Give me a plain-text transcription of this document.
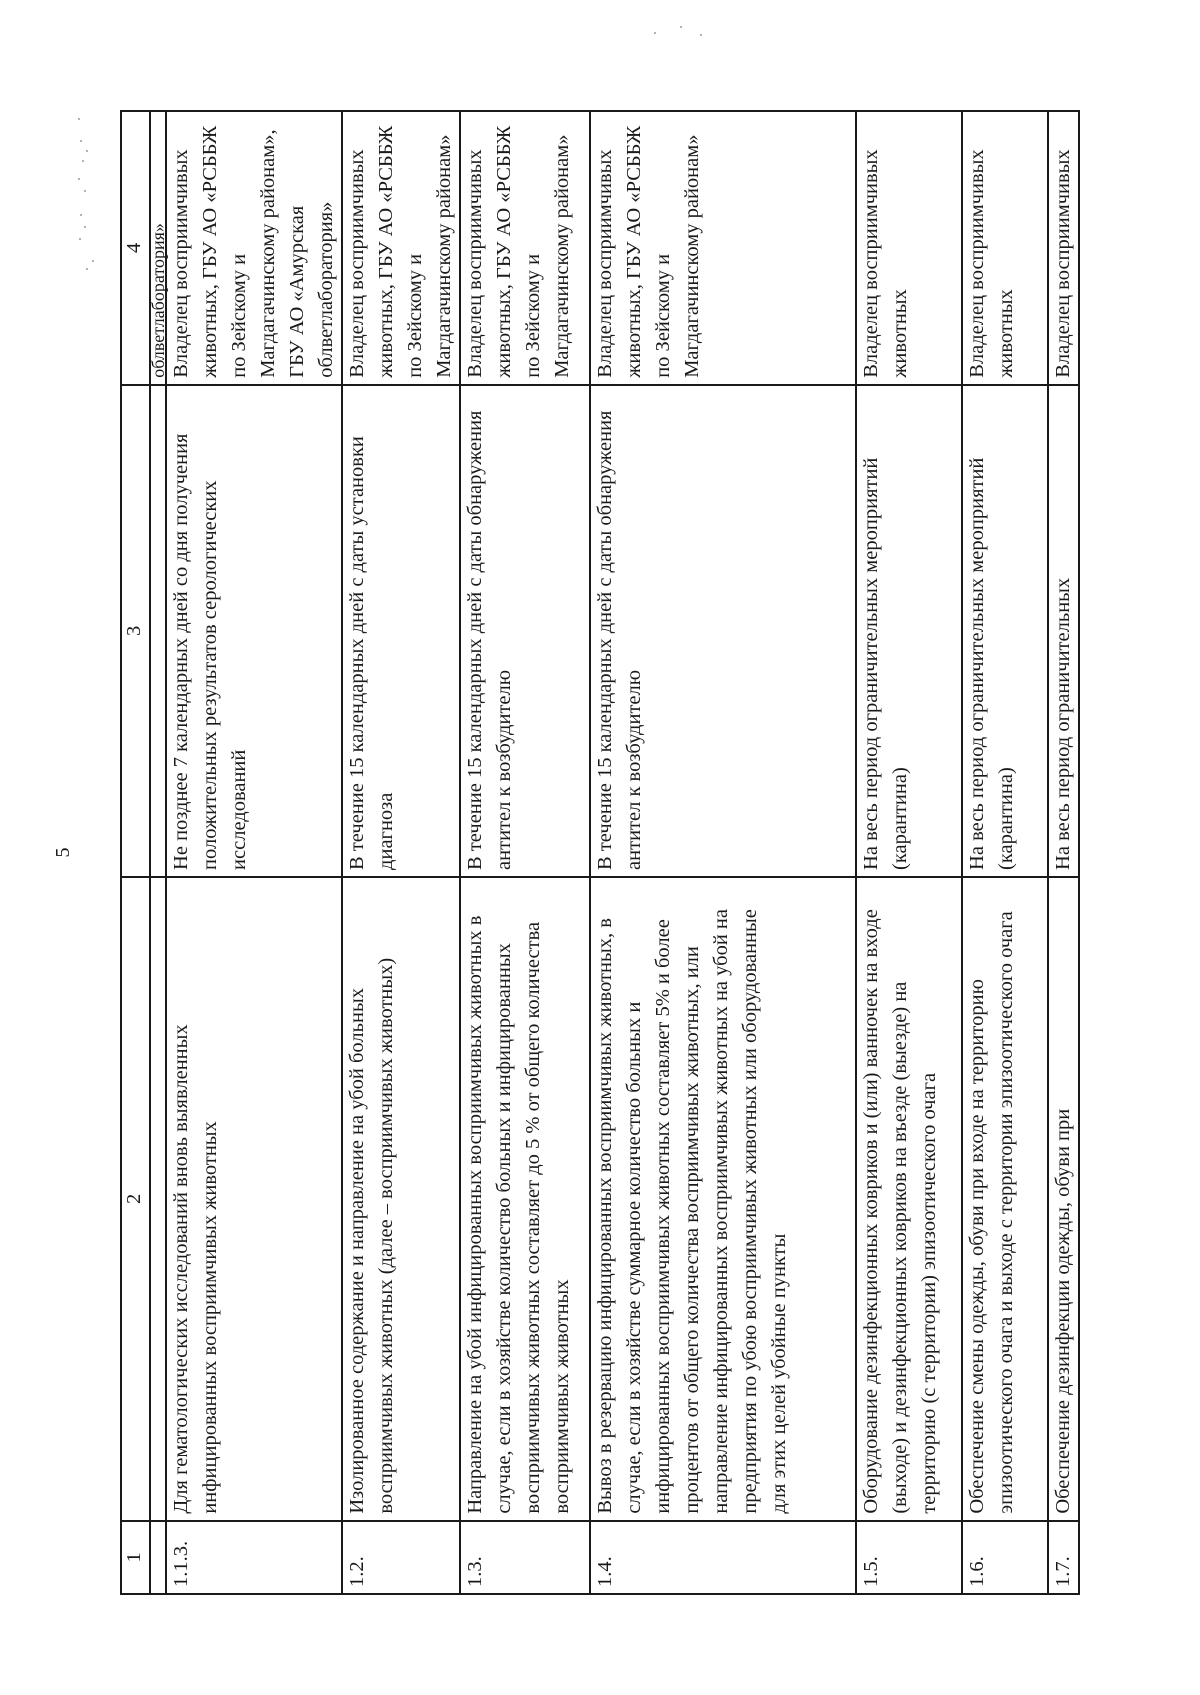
5
1	2	3	4
			облветлаборатория»
1.1.3.	Для гематологических исследований вновь выявленных инфицированных восприимчивых животных	Не позднее 7 календарных дней со дня получения положительных результатов серологических исследований	Владелец восприимчивых животных, ГБУ АО «РСББЖ по Зейскому и Магдагачинскому районам», ГБУ АО «Амурская облветлаборатория»
1.2.	Изолированное содержание и направление на убой больных восприимчивых животных (далее – восприимчивых животных)	В течение 15 календарных дней с даты установки диагноза	Владелец восприимчивых животных, ГБУ АО «РСББЖ по Зейскому и Магдагачинскому районам»
1.3.	Направление на убой инфицированных восприимчивых животных в случае, если в хозяйстве количество больных и инфицированных восприимчивых животных составляет до 5 % от общего количества восприимчивых животных	В течение 15 календарных дней с даты обнаружения антител к возбудителю	Владелец восприимчивых животных, ГБУ АО «РСББЖ по Зейскому и Магдагачинскому районам»
1.4.	Вывоз в резервацию инфицированных восприимчивых животных, в случае, если в хозяйстве суммарное количество больных и инфицированных восприимчивых животных составляет 5% и более процентов от общего количества восприимчивых животных, или направление инфицированных восприимчивых животных на убой на предприятия по убою восприимчивых животных или оборудованные для этих целей убойные пункты	В течение 15 календарных дней с даты обнаружения антител к возбудителю	Владелец восприимчивых животных, ГБУ АО «РСББЖ по Зейскому и Магдагачинскому районам»
1.5.	Оборудование дезинфекционных ковриков и (или) ванночек на входе (выходе) и дезинфекционных ковриков на въезде (выезде) на территорию (с территории) эпизоотического очага	На весь период ограничительных мероприятий (карантина)	Владелец восприимчивых животных
1.6.	Обеспечение смены одежды, обуви при входе на территорию эпизоотического очага и выходе с территории эпизоотического очага	На весь период ограничительных мероприятий (карантина)	Владелец восприимчивых животных
1.7.	Обеспечение дезинфекции одежды, обуви при	На весь период ограничительных	Владелец восприимчивых
